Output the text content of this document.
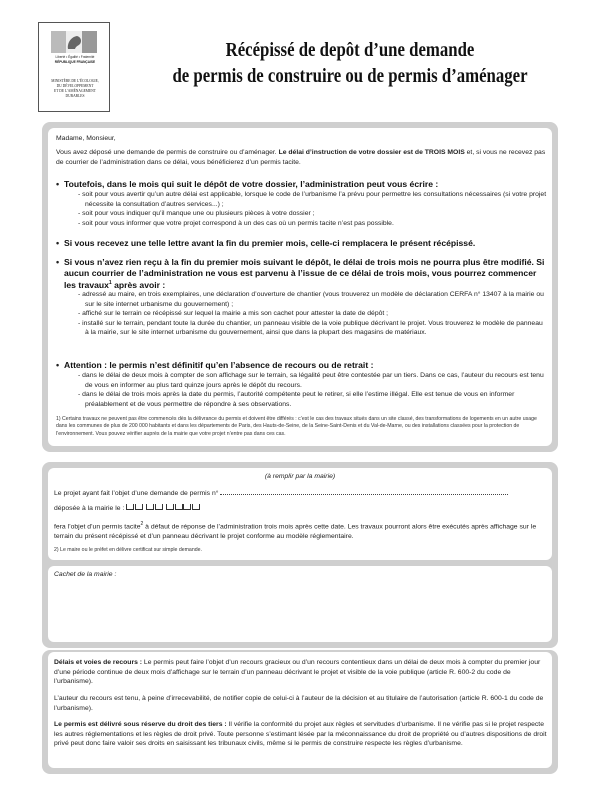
Liberté • Égalité • Fraternité
RÉPUBLIQUE FRANÇAISE
MINISTÈRE DE L'ÉCOLOGIE,
DU DÉVELOPPEMENT
ET DE L'AMÉNAGEMENT
DURABLES
Récépissé de depôt d’une demande
de permis de construire ou de permis d’aménager
Madame, Monsieur,

Vous avez déposé une demande de permis de construire ou d’aménager. Le délai d’instruction de votre dossier est de TROIS MOIS et, si vous ne recevez pas de courrier de l’administration dans ce délai, vous bénéficierez d’un permis tacite.

• Toutefois, dans le mois qui suit le dépôt de votre dossier, l’administration peut vous écrire :
- soit pour vous avertir qu’un autre délai est applicable, lorsque le code de l’urbanisme l’a prévu pour permettre les consultations nécessaires (si votre projet nécessite la consultation d’autres services...) ;
- soit pour vous indiquer qu’il manque une ou plusieurs pièces à votre dossier ;
- soit pour vous informer que votre projet correspond à un des cas où un permis tacite n’est pas possible.
• Si vous recevez une telle lettre avant la fin du premier mois, celle-ci remplacera le présent récépissé.
• Si vous n’avez rien reçu à la fin du premier mois suivant le dépôt, le délai de trois mois ne pourra plus être modifié. Si aucun courrier de l’administration ne vous est parvenu à l’issue de ce délai de trois mois, vous pourrez commencer les travaux$^1$ après avoir :
- adressé au maire, en trois exemplaires, une déclaration d’ouverture de chantier (vous trouverez un modèle de déclaration CERFA n° 13407 à la mairie ou sur le site internet urbanisme du gouvernement) ;
- affiché sur le terrain ce récépissé sur lequel la mairie a mis son cachet pour attester la date de dépôt ;
- installé sur le terrain, pendant toute la durée du chantier, un panneau visible de la voie publique décrivant le projet. Vous trouverez le modèle de panneau à la mairie, sur le site internet urbanisme du gouvernement, ainsi que dans la plupart des magasins de matériaux.
• Attention : le permis n’est définitif qu’en l’absence de recours ou de retrait :
- dans le délai de deux mois à compter de son affichage sur le terrain, sa légalité peut être contestée par un tiers. Dans ce cas, l’auteur du recours est tenu de vous en informer au plus tard quinze jours après le dépôt du recours.
- dans le délai de trois mois après la date du permis, l’autorité compétente peut le retirer, si elle l’estime illégal. Elle est tenue de vous en informer préalablement et de vous permettre de répondre à ses observations.
1) Certains travaux ne peuvent pas être commencés dès la délivrance du permis et doivent être différés : c’est le cas des travaux situés dans un site classé, des transformations de logements en un autre usage dans les communes de plus de 200 000 habitants et dans les départements de Paris, des Hauts-de-Seine, de la Seine-Saint-Denis et du Val-de-Marne, ou des installations classées pour la protection de l’environnement. Vous pouvez vérifier auprès de la mairie que votre projet n’entre pas dans ces cas.
(à remplir par la mairie)
Le projet ayant fait l’objet d’une demande de permis n°
déposée à la mairie le :

fera l’objet d’un permis tacite$^2$ à défaut de réponse de l’administration trois mois après cette date. Les travaux pourront alors être exécutés après affichage sur le terrain du présent récépissé et d’un panneau décrivant le projet conforme au modèle réglementaire.

2) Le maire ou le préfet en délivre certificat sur simple demande.
Cachet de la mairie :

Délais et voies de recours : Le permis peut faire l’objet d’un recours gracieux ou d’un recours contentieux dans un délai de deux mois à compter du premier jour d’une période continue de deux mois d’affichage sur le terrain d’un panneau décrivant le projet et visible de la voie publique (article R. 600-2 du code de l’urbanisme).

L’auteur du recours est tenu, à peine d’irrecevabilité, de notifier copie de celui-ci à l’auteur de la décision et au titulaire de l’autorisation (article R. 600-1 du code de l’urbanisme).

Le permis est délivré sous réserve du droit des tiers : Il vérifie la conformité du projet aux règles et servitudes d’urbanisme. Il ne vérifie pas si le projet respecte les autres réglementations et les règles de droit privé. Toute personne s’estimant lésée par la méconnaissance du droit de propriété ou d’autres dispositions de droit privé peut donc faire valoir ses droits en saisissant les tribunaux civils, même si le permis de construire respecte les règles d’urbanisme.
